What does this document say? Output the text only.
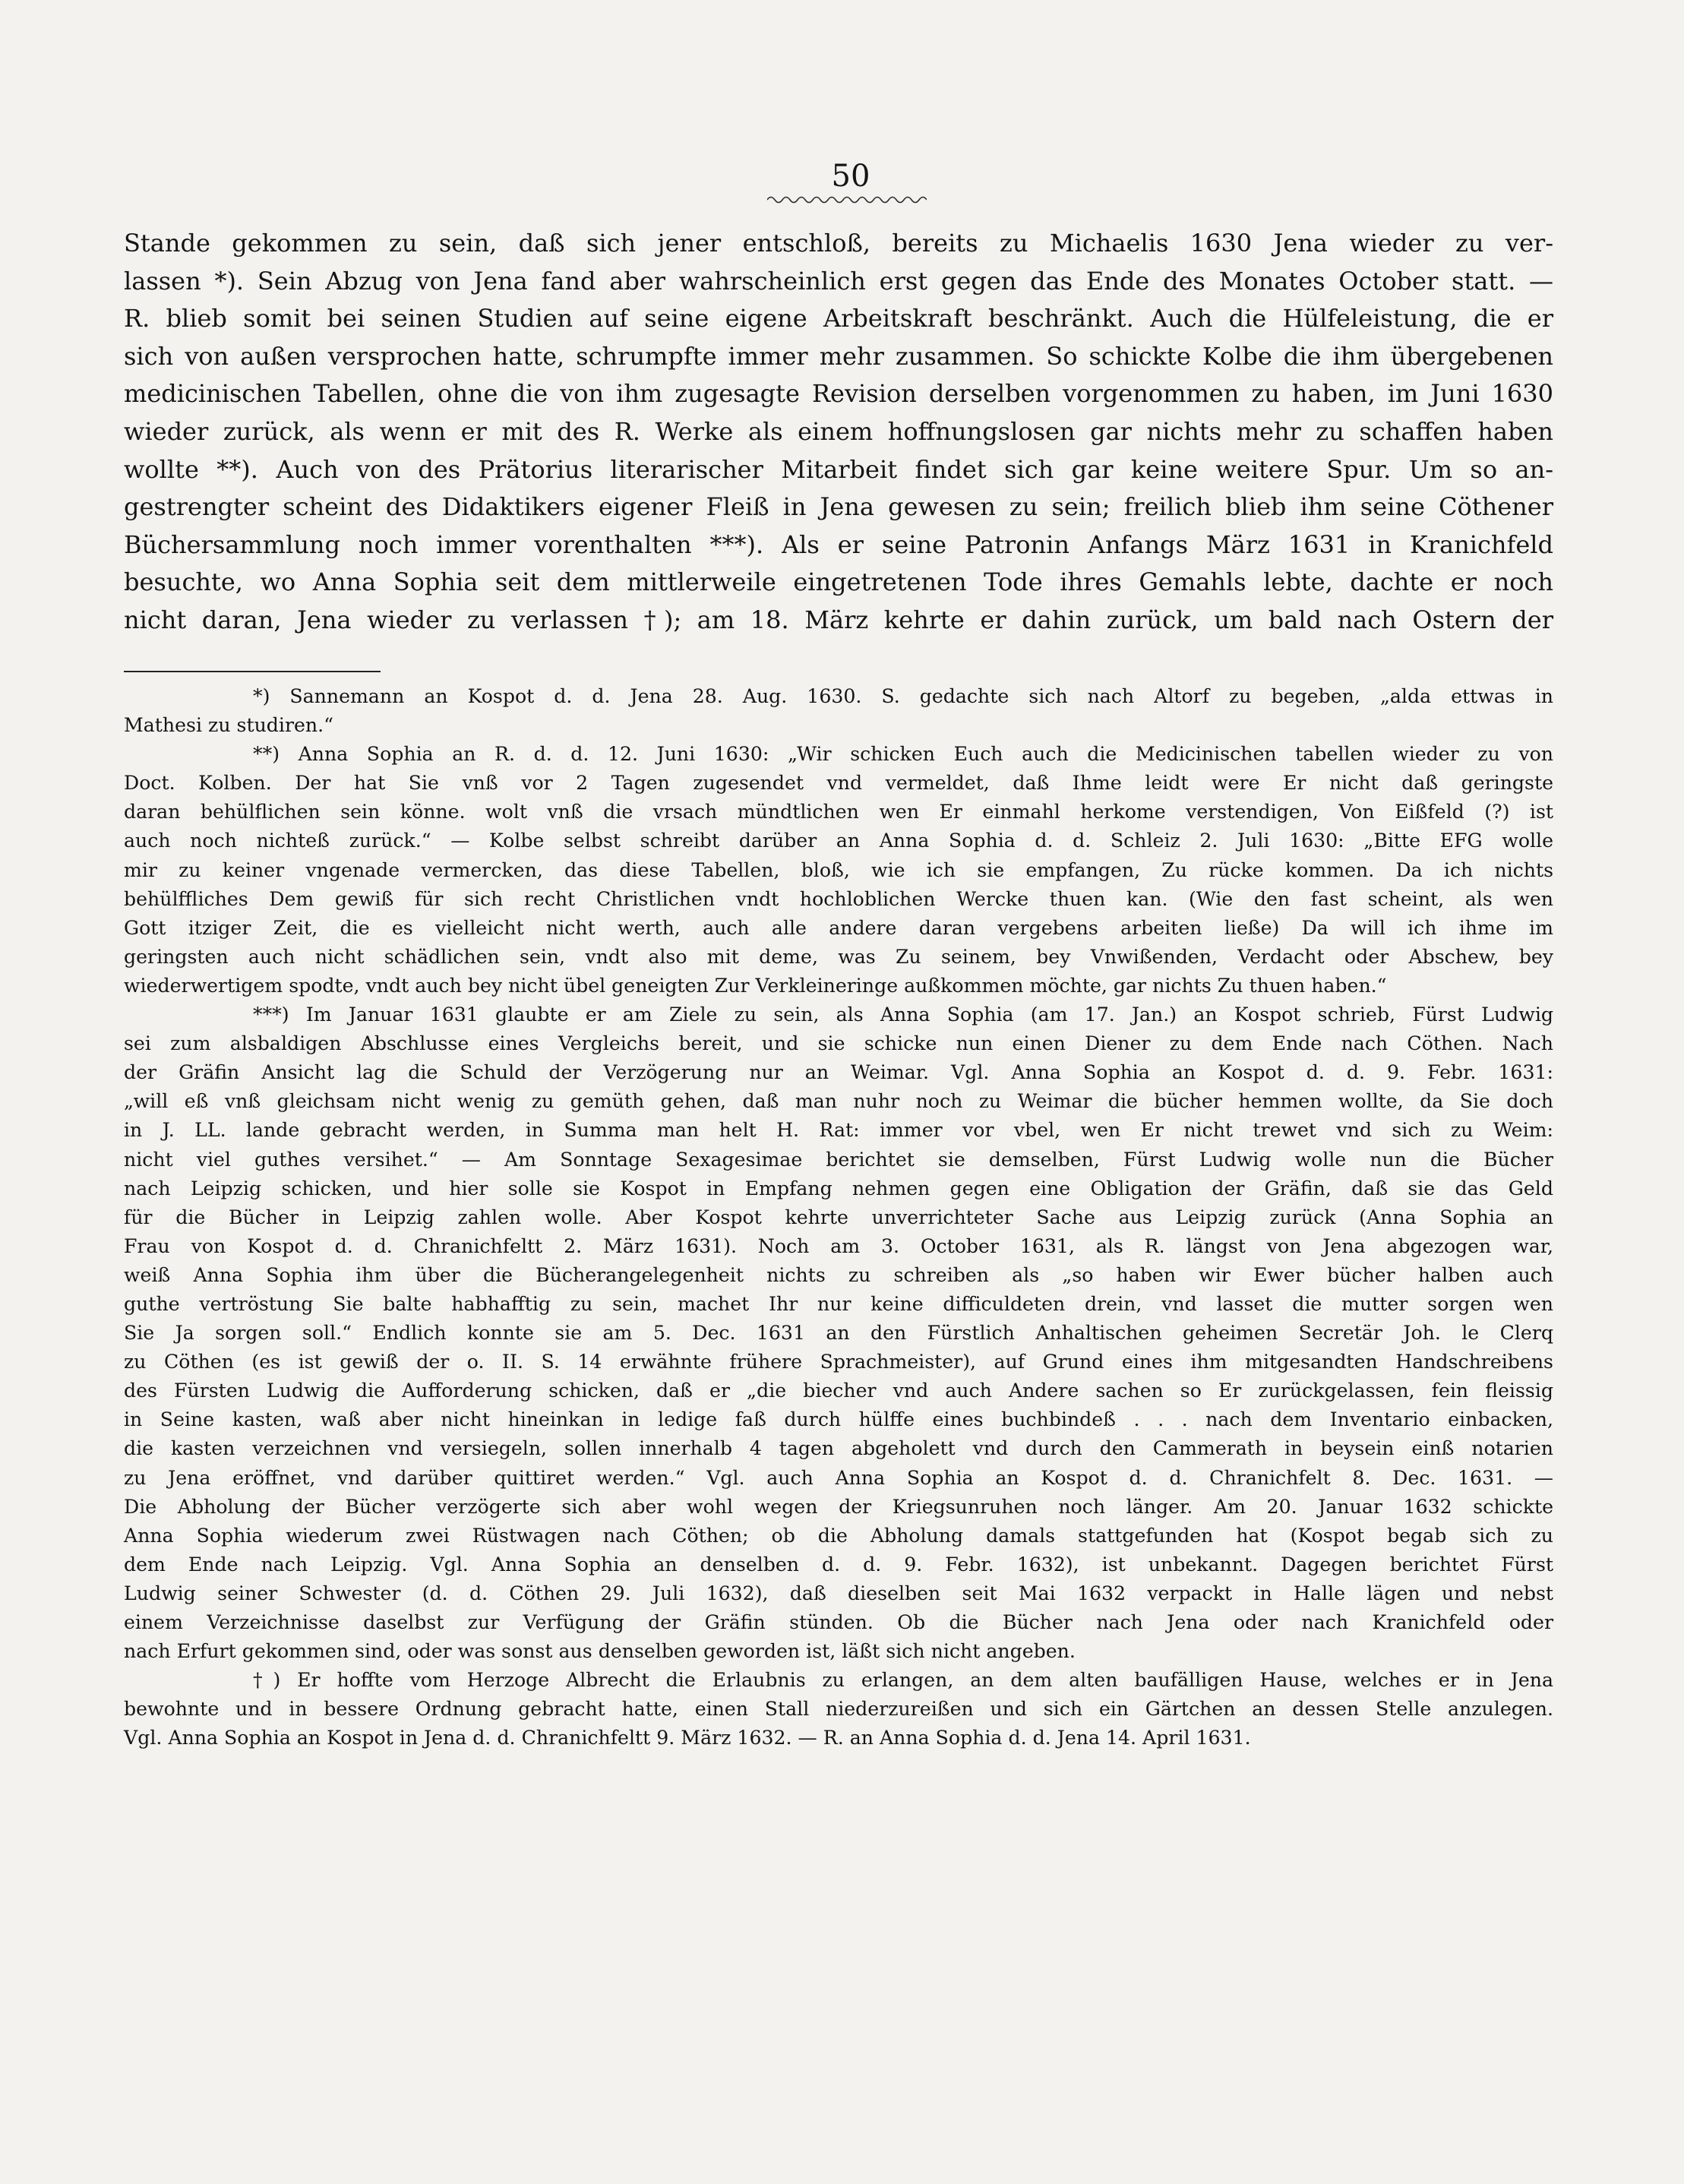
50
Stande gekommen zu sein, daß sich jener entschloß, bereits zu Michaelis 1630 Jena wieder zu ver-
lassen *). Sein Abzug von Jena fand aber wahrscheinlich erst gegen das Ende des Monates October statt. —
R. blieb somit bei seinen Studien auf seine eigene Arbeitskraft beschränkt. Auch die Hülfeleistung, die er
sich von außen versprochen hatte, schrumpfte immer mehr zusammen. So schickte Kolbe die ihm übergebenen
medicinischen Tabellen, ohne die von ihm zugesagte Revision derselben vorgenommen zu haben, im Juni 1630
wieder zurück, als wenn er mit des R. Werke als einem hoffnungslosen gar nichts mehr zu schaffen haben
wollte **). Auch von des Prätorius literarischer Mitarbeit findet sich gar keine weitere Spur. Um so an-
gestrengter scheint des Didaktikers eigener Fleiß in Jena gewesen zu sein; freilich blieb ihm seine Cöthener
Büchersammlung noch immer vorenthalten ***). Als er seine Patronin Anfangs März 1631 in Kranichfeld
besuchte, wo Anna Sophia seit dem mittlerweile eingetretenen Tode ihres Gemahls lebte, dachte er noch
nicht daran, Jena wieder zu verlassen †); am 18. März kehrte er dahin zurück, um bald nach Ostern der
*) Sannemann an Kospot d. d. Jena 28. Aug. 1630. S. gedachte sich nach Altorf zu begeben, „alda ettwas in
Mathesi zu studiren.“
**) Anna Sophia an R. d. d. 12. Juni 1630: „Wir schicken Euch auch die Medicinischen tabellen wieder zu von
Doct. Kolben. Der hat Sie vnß vor 2 Tagen zugesendet vnd vermeldet, daß Ihme leidt were Er nicht daß geringste
daran behülflichen sein könne. wolt vnß die vrsach mündtlichen wen Er einmahl herkome verstendigen, Von Eißfeld (?) ist
auch noch nichteß zurück.“ — Kolbe selbst schreibt darüber an Anna Sophia d. d. Schleiz 2. Juli 1630: „Bitte EFG wolle
mir zu keiner vngenade vermercken, das diese Tabellen, bloß, wie ich sie empfangen, Zu rücke kommen. Da ich nichts
behülffliches Dem gewiß für sich recht Christlichen vndt hochloblichen Wercke thuen kan. (Wie den fast scheint, als wen
Gott itziger Zeit, die es vielleicht nicht werth, auch alle andere daran vergebens arbeiten ließe) Da will ich ihme im
geringsten auch nicht schädlichen sein, vndt also mit deme, was Zu seinem, bey Vnwißenden, Verdacht oder Abschew, bey
wiederwertigem spodte, vndt auch bey nicht übel geneigten Zur Verkleineringe außkommen möchte, gar nichts Zu thuen haben.“
***) Im Januar 1631 glaubte er am Ziele zu sein, als Anna Sophia (am 17. Jan.) an Kospot schrieb, Fürst Ludwig
sei zum alsbaldigen Abschlusse eines Vergleichs bereit, und sie schicke nun einen Diener zu dem Ende nach Cöthen. Nach
der Gräfin Ansicht lag die Schuld der Verzögerung nur an Weimar. Vgl. Anna Sophia an Kospot d. d. 9. Febr. 1631:
„will eß vnß gleichsam nicht wenig zu gemüth gehen, daß man nuhr noch zu Weimar die bücher hemmen wollte, da Sie doch
in J. LL. lande gebracht werden, in Summa man helt H. Rat: immer vor vbel, wen Er nicht trewet vnd sich zu Weim:
nicht viel guthes versihet.“ — Am Sonntage Sexagesimae berichtet sie demselben, Fürst Ludwig wolle nun die Bücher
nach Leipzig schicken, und hier solle sie Kospot in Empfang nehmen gegen eine Obligation der Gräfin, daß sie das Geld
für die Bücher in Leipzig zahlen wolle. Aber Kospot kehrte unverrichteter Sache aus Leipzig zurück (Anna Sophia an
Frau von Kospot d. d. Chranichfeltt 2. März 1631). Noch am 3. October 1631, als R. längst von Jena abgezogen war,
weiß Anna Sophia ihm über die Bücherangelegenheit nichts zu schreiben als „so haben wir Ewer bücher halben auch
guthe vertröstung Sie balte habhafftig zu sein, machet Ihr nur keine difficuldeten drein, vnd lasset die mutter sorgen wen
Sie Ja sorgen soll.“ Endlich konnte sie am 5. Dec. 1631 an den Fürstlich Anhaltischen geheimen Secretär Joh. le Clerq
zu Cöthen (es ist gewiß der o. II. S. 14 erwähnte frühere Sprachmeister), auf Grund eines ihm mitgesandten Handschreibens
des Fürsten Ludwig die Aufforderung schicken, daß er „die biecher vnd auch Andere sachen so Er zurückgelassen, fein fleissig
in Seine kasten, waß aber nicht hineinkan in ledige faß durch hülffe eines buchbindeß . . . nach dem Inventario einbacken,
die kasten verzeichnen vnd versiegeln, sollen innerhalb 4 tagen abgeholett vnd durch den Cammerath in beysein einß notarien
zu Jena eröffnet, vnd darüber quittiret werden.“ Vgl. auch Anna Sophia an Kospot d. d. Chranichfelt 8. Dec. 1631. —
Die Abholung der Bücher verzögerte sich aber wohl wegen der Kriegsunruhen noch länger. Am 20. Januar 1632 schickte
Anna Sophia wiederum zwei Rüstwagen nach Cöthen; ob die Abholung damals stattgefunden hat (Kospot begab sich zu
dem Ende nach Leipzig. Vgl. Anna Sophia an denselben d. d. 9. Febr. 1632), ist unbekannt. Dagegen berichtet Fürst
Ludwig seiner Schwester (d. d. Cöthen 29. Juli 1632), daß dieselben seit Mai 1632 verpackt in Halle lägen und nebst
einem Verzeichnisse daselbst zur Verfügung der Gräfin stünden. Ob die Bücher nach Jena oder nach Kranichfeld oder
nach Erfurt gekommen sind, oder was sonst aus denselben geworden ist, läßt sich nicht angeben.
†) Er hoffte vom Herzoge Albrecht die Erlaubnis zu erlangen, an dem alten baufälligen Hause, welches er in Jena
bewohnte und in bessere Ordnung gebracht hatte, einen Stall niederzureißen und sich ein Gärtchen an dessen Stelle anzulegen.
Vgl. Anna Sophia an Kospot in Jena d. d. Chranichfeltt 9. März 1632. — R. an Anna Sophia d. d. Jena 14. April 1631.
